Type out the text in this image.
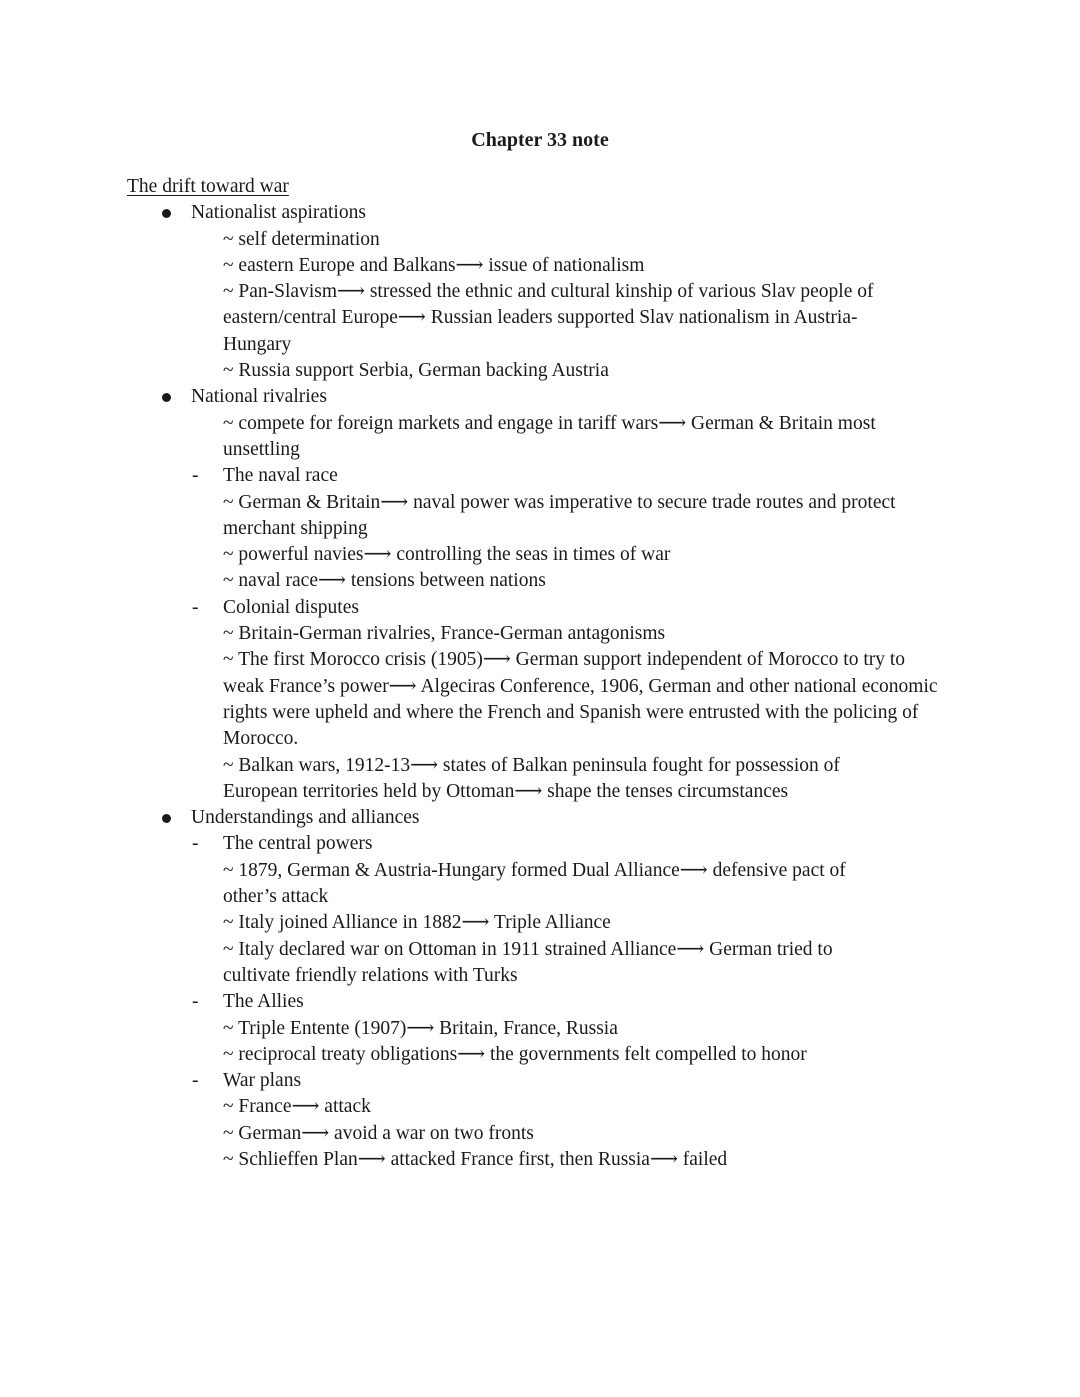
Chapter 33 note
The drift toward war
Nationalist aspirations
~ self determination
~ eastern Europe and Balkans⟶ issue of nationalism
~ Pan-Slavism⟶ stressed the ethnic and cultural kinship of various Slav people of eastern/central Europe⟶ Russian leaders supported Slav nationalism in Austria-Hungary
~ Russia support Serbia, German backing Austria
National rivalries
~ compete for foreign markets and engage in tariff wars⟶ German & Britain most unsettling
- The naval race
~ German & Britain⟶ naval power was imperative to secure trade routes and protect merchant shipping
~ powerful navies⟶ controlling the seas in times of war
~ naval race⟶ tensions between nations
- Colonial disputes
~ Britain-German rivalries, France-German antagonisms
~ The first Morocco crisis (1905)⟶ German support independent of Morocco to try to weak France’s power⟶ Algeciras Conference, 1906, German and other national economic rights were upheld and where the French and Spanish were entrusted with the policing of Morocco.
~ Balkan wars, 1912-13⟶ states of Balkan peninsula fought for possession of European territories held by Ottoman⟶ shape the tenses circumstances
Understandings and alliances
- The central powers
~ 1879, German & Austria-Hungary formed Dual Alliance⟶ defensive pact of other’s attack
~ Italy joined Alliance in 1882⟶ Triple Alliance
~ Italy declared war on Ottoman in 1911 strained Alliance⟶ German tried to cultivate friendly relations with Turks
- The Allies
~ Triple Entente (1907)⟶ Britain, France, Russia
~ reciprocal treaty obligations⟶ the governments felt compelled to honor
- War plans
~ France⟶ attack
~ German⟶ avoid a war on two fronts
~ Schlieffen Plan⟶ attacked France first, then Russia⟶ failed
